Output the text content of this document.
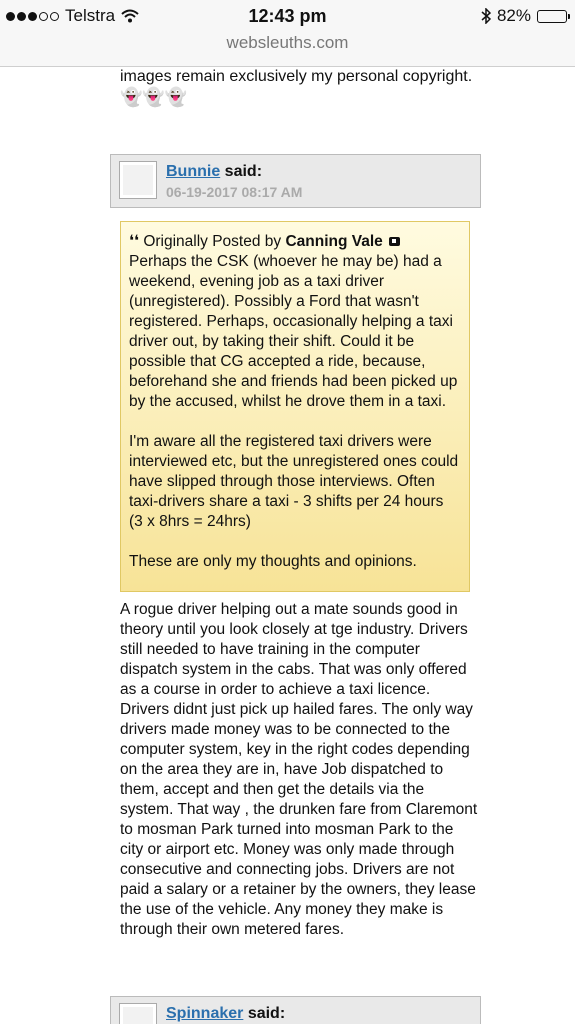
Telstra	12:43 pm	82%
websleuths.com
images remain exclusively my personal copyright.
👻👻👻
Bunnie said:
06-19-2017 08:17 AM

❛❛ Originally Posted by Canning Vale
Perhaps the CSK (whoever he may be) had a weekend, evening job as a taxi driver (unregistered). Possibly a Ford that wasn't registered. Perhaps, occasionally helping a taxi driver out, by taking their shift. Could it be possible that CG accepted a ride, because, beforehand she and friends had been picked up by the accused, whilst he drove them in a taxi.

I'm aware all the registered taxi drivers were interviewed etc, but the unregistered ones could have slipped through those interviews. Often taxi-drivers share a taxi - 3 shifts per 24 hours (3 x 8hrs = 24hrs)

These are only my thoughts and opinions.

A rogue driver helping out a mate sounds good in theory until you look closely at tge industry. Drivers still needed to have training in the computer dispatch system in the cabs. That was only offered as a course in order to achieve a taxi licence. Drivers didnt just pick up hailed fares. The only way drivers made money was to be connected to the computer system, key in the right codes depending on the area they are in, have Job dispatched to them, accept and then get the details via the system. That way , the drunken fare from Claremont to mosman Park turned into mosman Park to the city or airport etc. Money was only made through consecutive and connecting jobs. Drivers are not paid a salary or a retainer by the owners, they lease the use of the vehicle. Any money they make is through their own metered fares.

Spinnaker said:
